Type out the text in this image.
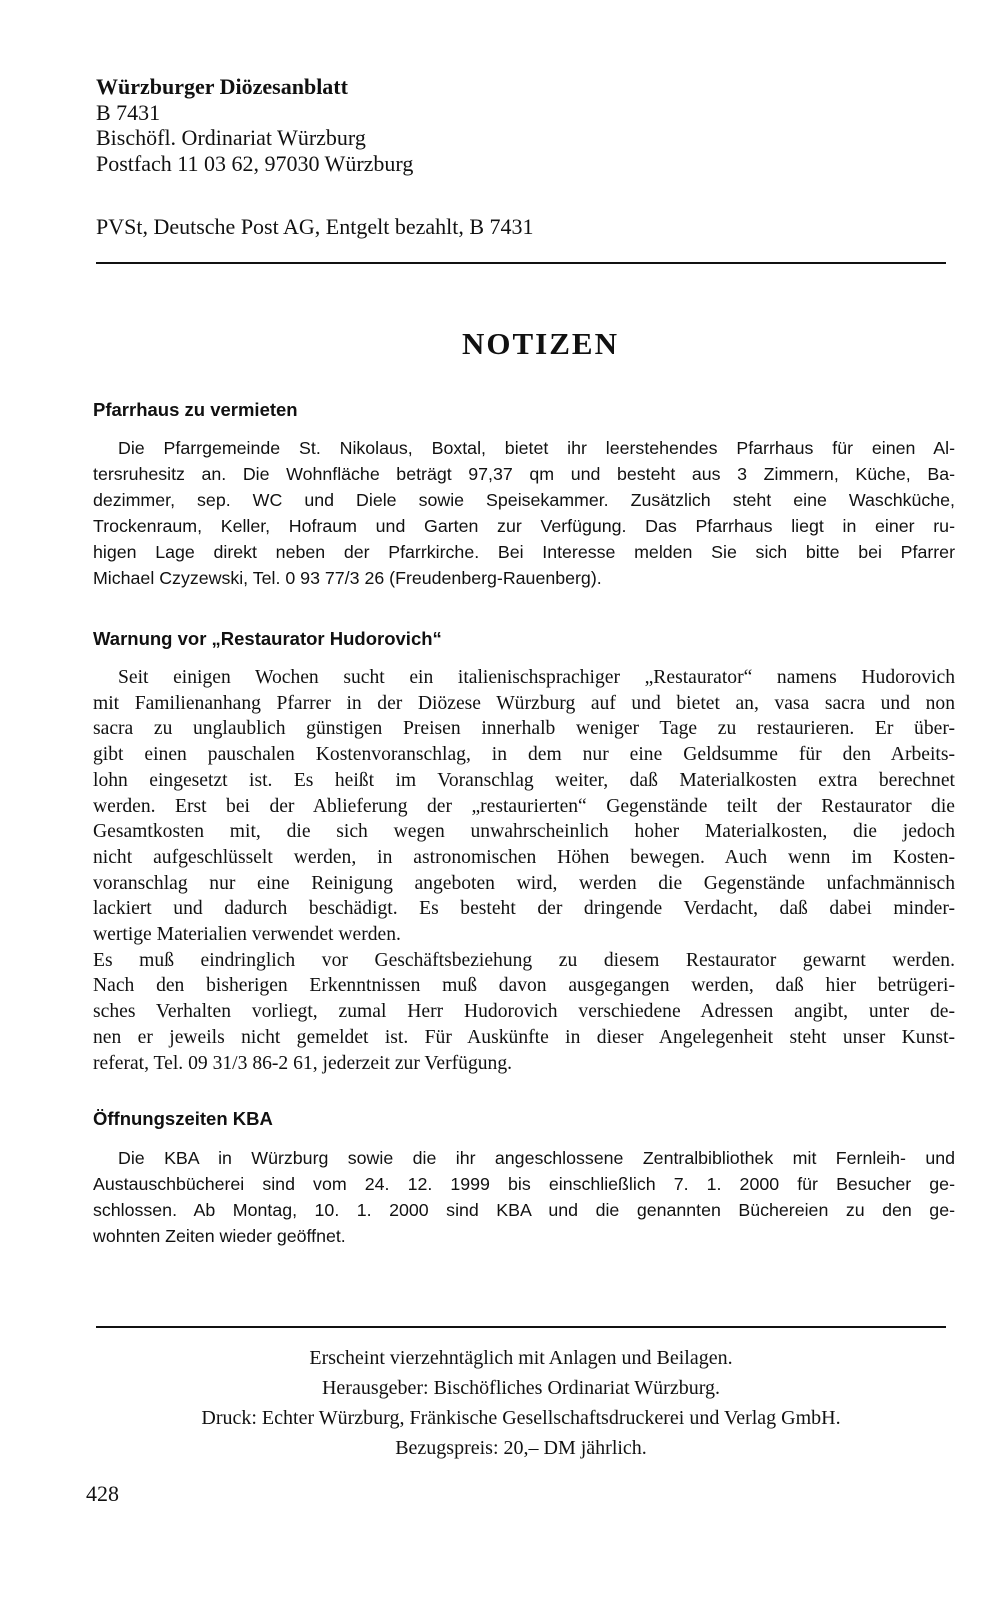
Würzburger Diözesanblatt
B 7431
Bischöfl. Ordinariat Würzburg
Postfach 11 03 62, 97030 Würzburg
PVSt, Deutsche Post AG, Entgelt bezahlt, B 7431
NOTIZEN
Pfarrhaus zu vermieten
Die Pfarrgemeinde St. Nikolaus, Boxtal, bietet ihr leerstehendes Pfarrhaus für einen Al-
tersruhesitz an. Die Wohnfläche beträgt 97,37 qm und besteht aus 3 Zimmern, Küche, Ba-
dezimmer, sep. WC und Diele sowie Speisekammer. Zusätzlich steht eine Waschküche,
Trockenraum, Keller, Hofraum und Garten zur Verfügung. Das Pfarrhaus liegt in einer ru-
higen Lage direkt neben der Pfarrkirche. Bei Interesse melden Sie sich bitte bei Pfarrer
Michael Czyzewski, Tel. 0 93 77/3 26 (Freudenberg-Rauenberg).
Warnung vor „Restaurator Hudorovich“
Seit einigen Wochen sucht ein italienischsprachiger „Restaurator“ namens Hudorovich
mit Familienanhang Pfarrer in der Diözese Würzburg auf und bietet an, vasa sacra und non
sacra zu unglaublich günstigen Preisen innerhalb weniger Tage zu restaurieren. Er über-
gibt einen pauschalen Kostenvoranschlag, in dem nur eine Geldsumme für den Arbeits-
lohn eingesetzt ist. Es heißt im Voranschlag weiter, daß Materialkosten extra berechnet
werden. Erst bei der Ablieferung der „restaurierten“ Gegenstände teilt der Restaurator die
Gesamtkosten mit, die sich wegen unwahrscheinlich hoher Materialkosten, die jedoch
nicht aufgeschlüsselt werden, in astronomischen Höhen bewegen. Auch wenn im Kosten-
voranschlag nur eine Reinigung angeboten wird, werden die Gegenstände unfachmännisch
lackiert und dadurch beschädigt. Es besteht der dringende Verdacht, daß dabei minder-
wertige Materialien verwendet werden.
Es muß eindringlich vor Geschäftsbeziehung zu diesem Restaurator gewarnt werden.
Nach den bisherigen Erkenntnissen muß davon ausgegangen werden, daß hier betrügeri-
sches Verhalten vorliegt, zumal Herr Hudorovich verschiedene Adressen angibt, unter de-
nen er jeweils nicht gemeldet ist. Für Auskünfte in dieser Angelegenheit steht unser Kunst-
referat, Tel. 09 31/3 86-2 61, jederzeit zur Verfügung.
Öffnungszeiten KBA
Die KBA in Würzburg sowie die ihr angeschlossene Zentralbibliothek mit Fernleih- und
Austauschbücherei sind vom 24. 12. 1999 bis einschließlich 7. 1. 2000 für Besucher ge-
schlossen. Ab Montag, 10. 1. 2000 sind KBA und die genannten Büchereien zu den ge-
wohnten Zeiten wieder geöffnet.
Erscheint vierzehntäglich mit Anlagen und Beilagen.
Herausgeber: Bischöfliches Ordinariat Würzburg.
Druck: Echter Würzburg, Fränkische Gesellschaftsdruckerei und Verlag GmbH.
Bezugspreis: 20,– DM jährlich.
428
